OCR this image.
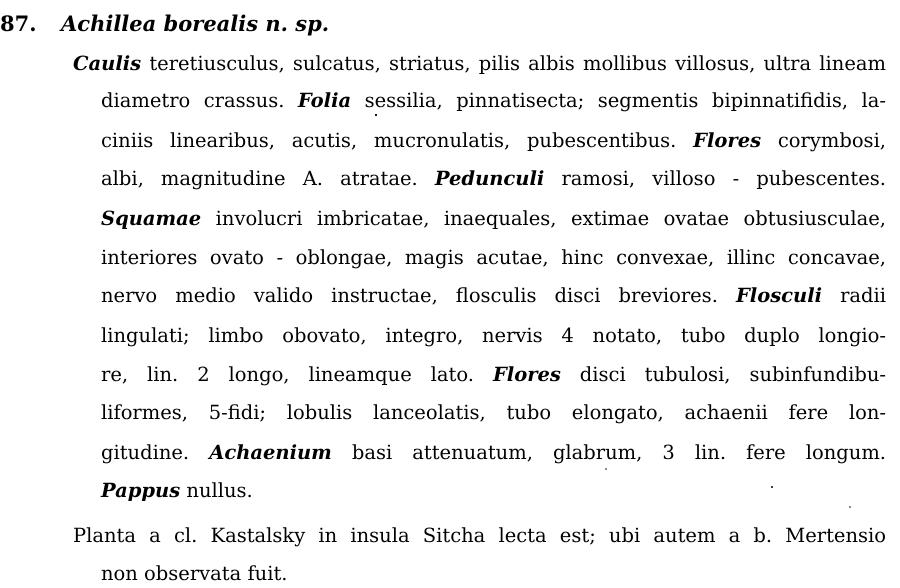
87. Achillea borealis n. sp.
Caulis teretiusculus, sulcatus, striatus, pilis albis mollibus villosus, ultra lineam
diametro crassus. Folia sessilia, pinnatisecta; segmentis bipinnatifidis, la-
ciniis linearibus, acutis, mucronulatis, pubescentibus. Flores corymbosi,
albi, magnitudine A. atratae. Pedunculi ramosi, villoso - pubescentes.
Squamae involucri imbricatae, inaequales, extimae ovatae obtusiusculae,
interiores ovato - oblongae, magis acutae, hinc convexae, illinc concavae,
nervo medio valido instructae, flosculis disci breviores. Flosculi radii
lingulati; limbo obovato, integro, nervis 4 notato, tubo duplo longio-
re, lin. 2 longo, lineamque lato. Flores disci tubulosi, subinfundibu-
liformes, 5-fidi; lobulis lanceolatis, tubo elongato, achaenii fere lon-
gitudine. Achaenium basi attenuatum, glabrum, 3 lin. fere longum.
Pappus nullus.
Planta a cl. Kastalsky in insula Sitcha lecta est; ubi autem a b. Mertensio
non observata fuit.
